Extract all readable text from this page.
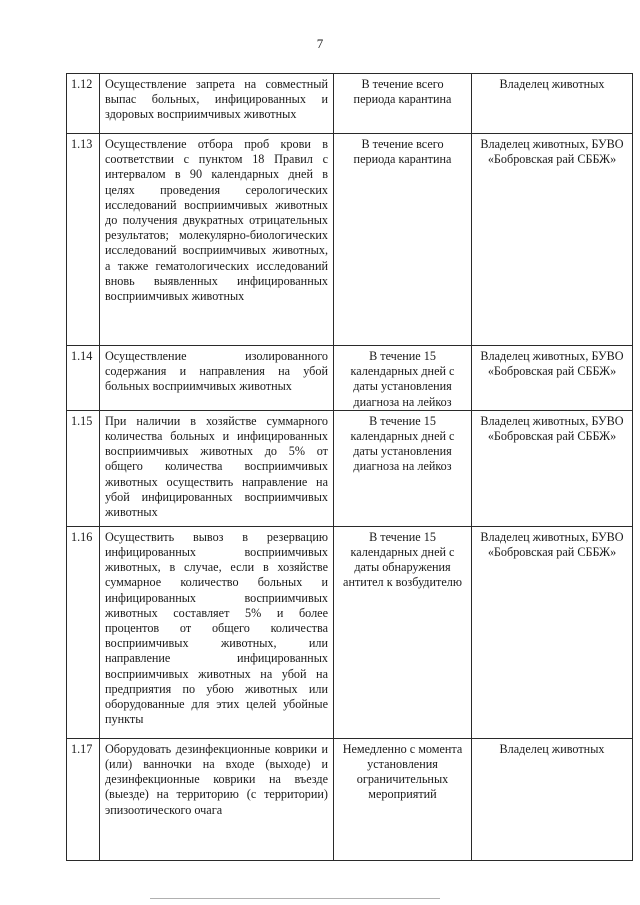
7
1.12	Осуществление запрета на совместный выпас больных, инфицированных и здоровых восприимчивых животных	В течение всего периода карантина	Владелец животных
1.13	Осуществление отбора проб крови в соответствии с пунктом 18 Правил с интервалом в 90 календарных дней в целях проведения серологических исследований восприимчивых животных до получения двукратных отрицательных результатов; молекулярно-биологических исследований восприимчивых животных, а также гематологических исследований вновь выявленных инфицированных восприимчивых животных	В течение всего периода карантина	Владелец животных, БУВО «Бобровская рай СББЖ»
1.14	Осуществление изолированного содержания и направления на убой больных восприимчивых животных	В течение 15 календарных дней с даты установления диагноза на лейкоз	Владелец животных, БУВО «Бобровская рай СББЖ»
1.15	При наличии в хозяйстве суммарного количества больных и инфицированных восприимчивых животных до 5% от общего количества восприимчивых животных осуществить направление на убой инфицированных восприимчивых животных	В течение 15 календарных дней с даты установления диагноза на лейкоз	Владелец животных, БУВО «Бобровская рай СББЖ»
1.16	Осуществить вывоз в резервацию инфицированных восприимчивых животных, в случае, если в хозяйстве суммарное количество больных и инфицированных восприимчивых животных составляет 5% и более процентов от общего количества восприимчивых животных, или направление инфицированных восприимчивых животных на убой на предприятия по убою животных или оборудованные для этих целей убойные пункты	В течение 15 календарных дней с даты обнаружения антител к возбудителю	Владелец животных, БУВО «Бобровская рай СББЖ»
1.17	Оборудовать дезинфекционные коврики и (или) ванночки на входе (выходе) и дезинфекционные коврики на въезде (выезде) на территорию (с территории) эпизоотического очага	Немедленно с момента установления ограничительных мероприятий	Владелец животных
